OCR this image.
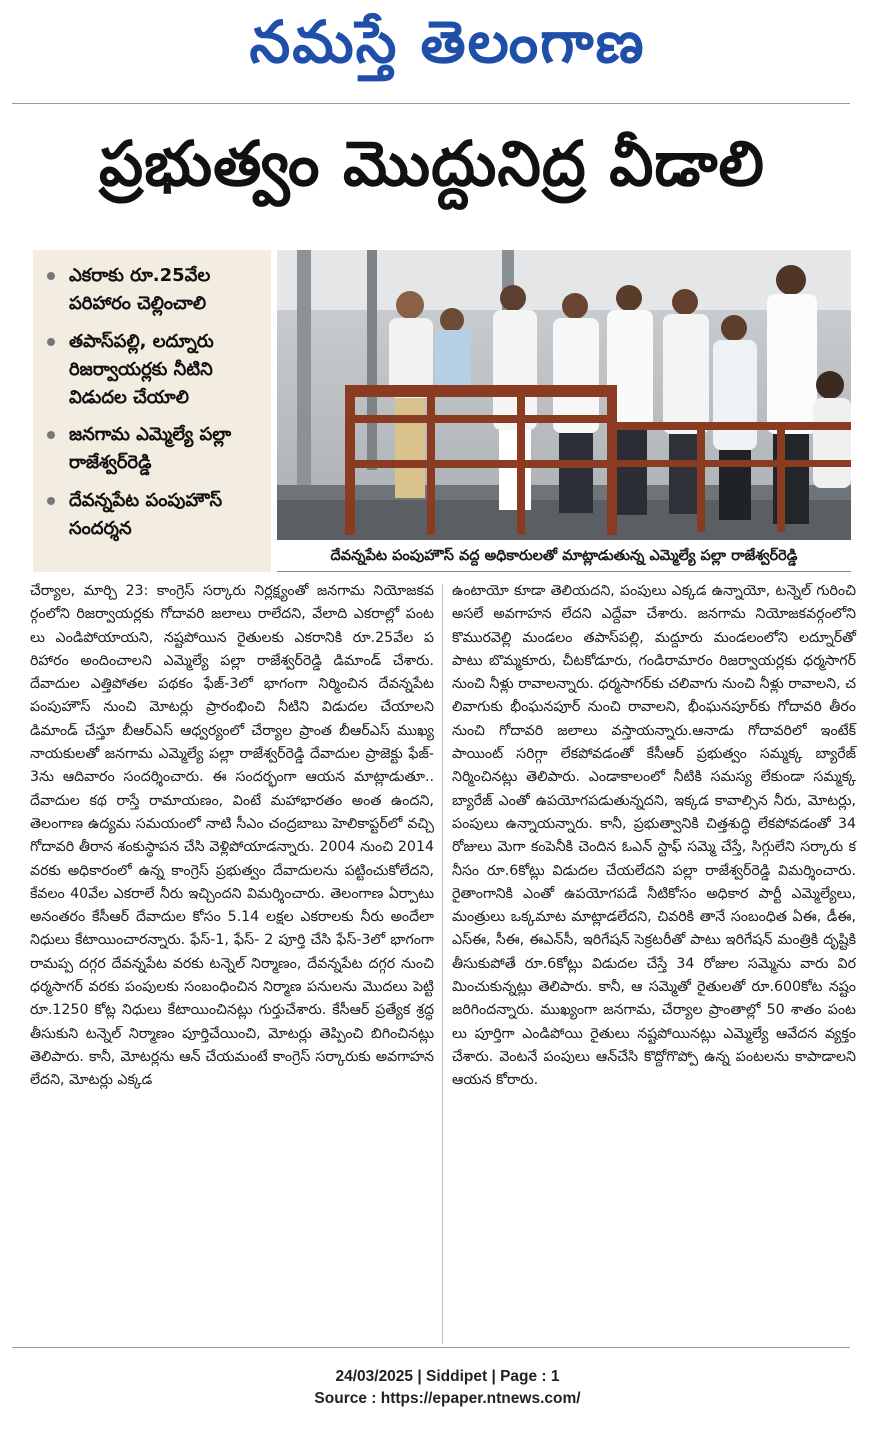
నమస్తే తెలంగాణ
ప్రభుత్వం మొద్దునిద్ర వీడాలి
ఎకరాకు రూ.25వేల పరిహారం చెల్లించాలి
తపాస్‌పల్లి, లద్నూరు రిజర్వాయర్లకు నీటిని విడుదల చేయాలి
జనగామ ఎమ్మెల్యే పల్లా రాజేశ్వర్‌రెడ్డి
దేవన్నపేట పంపుహౌస్ సందర్శన
దేవన్నపేట పంపుహౌస్ వద్ద అధికారులతో మాట్లాడుతున్న ఎమ్మెల్యే పల్లా రాజేశ్వర్‌రెడ్డి

చేర్యాల, మార్చి 23: కాంగ్రెస్ సర్కారు నిర్లక్ష్యంతో జనగామ నియోజకవర్గంలోని రిజర్వాయర్లకు గోదావరి జలాలు రాలేదని, వేలాది ఎకరాల్లో పంటలు ఎండిపోయాయని, నష్టపోయిన రైతులకు ఎకరానికి రూ.25వేల పరిహారం అందించాలని ఎమ్మెల్యే పల్లా రాజేశ్వర్‌రెడ్డి డిమాండ్ చేశారు. దేవాదుల ఎత్తిపోతల పథకం ఫేజ్-3లో భాగంగా నిర్మించిన దేవన్నపేట పంపుహౌస్ నుంచి మోటర్లు ప్రారంభించి నీటిని విడుదల చేయాలని డిమాండ్ చేస్తూ బీఆర్‌ఎస్ ఆధ్వర్యంలో చేర్యాల ప్రాంత బీఆర్‌ఎస్ ముఖ్య నాయకులతో జనగామ ఎమ్మెల్యే పల్లా రాజేశ్వర్‌రెడ్డి దేవాదుల ప్రాజెక్టు ఫేజ్-3ను ఆదివారం సందర్శించారు. ఈ సందర్భంగా ఆయన మాట్లాడుతూ.. దేవాదుల కథ రాస్తే రామాయణం, వింటే మహాభారతం అంత ఉందని, తెలంగాణ ఉద్యమ సమయంలో నాటి సీఎం చంద్రబాబు హెలికాప్టర్‌లో వచ్చి గోదావరి తీరాన శంకుస్థాపన చేసి వెళ్లిపోయాడన్నారు. 2004 నుంచి 2014 వరకు అధికారంలో ఉన్న కాంగ్రెస్ ప్రభుత్వం దేవాదులను పట్టించుకోలేదని, కేవలం 40వేల ఎకరాలే నీరు ఇచ్చిందని విమర్శించారు. తెలంగాణ ఏర్పాటు అనంతరం కేసీఆర్ దేవాదుల కోసం 5.14 లక్షల ఎకరాలకు నీరు అందేలా నిధులు కేటాయించారన్నారు. ఫేస్-1, ఫేస్- 2 పూర్తి చేసి ఫేస్-3లో భాగంగా రామప్ప దగ్గర దేవన్నపేట వరకు టన్నెల్ నిర్మాణం, దేవన్నపేట దగ్గర నుంచి ధర్మసాగర్ వరకు పంపులకు సంబంధించిన నిర్మాణ పనులను మొదలు పెట్టి రూ.1250 కోట్ల నిధులు కేటాయించినట్లు గుర్తుచేశారు. కేసీఆర్ ప్రత్యేక శ్రద్ధ తీసుకుని టన్నెల్ నిర్మాణం పూర్తిచేయించి, మోటర్లు తెప్పించి బిగించినట్లు తెలిపారు. కానీ, మోటర్లను ఆన్ చేయమంటే కాంగ్రెస్ సర్కారుకు అవగాహన లేదని, మోటర్లు ఎక్కడ

ఉంటాయో కూడా తెలియదని, పంపులు ఎక్కడ ఉన్నాయో, టన్నెల్ గురించి అసలే అవగాహన లేదని ఎద్దేవా చేశారు. జనగామ నియోజకవర్గంలోని కొమురవెల్లి మండలం తపాస్‌పల్లి, మద్దూరు మండలంలోని లద్నూర్‌తో పాటు బొమ్మకూరు, చీటకోడూరు, గండిరామారం రిజర్వాయర్లకు ధర్మసాగర్ నుంచి నీళ్లు రావాలన్నారు. ధర్మసాగర్‌కు చలివాగు నుంచి నీళ్లు రావాలని, చలివాగుకు భీంఘనపూర్ నుంచి రావాలని, భీంఘనపూర్‌కు గోదావరి తీరం నుంచి గోదావరి జలాలు వస్తాయన్నారు.ఆనాడు గోదావరిలో ఇంటేక్ పాయింట్ సరిగ్గా లేకపోవడంతో కేసీఆర్ ప్రభుత్వం సమ్మక్క బ్యారేజ్ నిర్మించినట్లు తెలిపారు. ఎండాకాలంలో నీటికి సమస్య లేకుండా సమ్మక్క బ్యారేజ్ ఎంతో ఉపయోగపడుతున్నదని, ఇక్కడ కావాల్సిన నీరు, మోటర్లు, పంపులు ఉన్నాయన్నారు. కానీ, ప్రభుత్వానికి చిత్తశుద్ధి లేకపోవడంతో 34 రోజులు మెగా కంపెనీకి చెందిన ఓఎన్ స్టాఫ్ సమ్మె చేస్తే, సిగ్గులేని సర్కారు కనీసం రూ.6కోట్లు విడుదల చేయలేదని పల్లా రాజేశ్వర్‌రెడ్డి విమర్శించారు. రైతాంగానికి ఎంతో ఉపయోగపడే నీటికోసం అధికార పార్టీ ఎమ్మెల్యేలు, మంత్రులు ఒక్కమాట మాట్లాడలేదని, చివరికి తానే సంబంధిత ఏఈ, డీఈ, ఎస్‌ఈ, సీఈ, ఈఎన్‌సీ, ఇరిగేషన్ సెక్రటరీతో పాటు ఇరిగేషన్ మంత్రికి దృష్టికి తీసుకుపోతే రూ.6కోట్లు విడుదల చేస్తే 34 రోజుల సమ్మెను వారు విరమించుకున్నట్లు తెలిపారు. కానీ, ఆ సమ్మెతో రైతులతో రూ.600కోట నష్టం జరిగిందన్నారు. ముఖ్యంగా జనగామ, చేర్యాల ప్రాంతాల్లో 50 శాతం పంటలు పూర్తిగా ఎండిపోయి రైతులు నష్టపోయినట్లు ఎమ్మెల్యే ఆవేదన వ్యక్తం చేశారు. వెంటనే పంపులు ఆన్‌చేసి కొద్దోగొప్పో ఉన్న పంటలను కాపాడాలని ఆయన కోరారు.

24/03/2025 | Siddipet | Page : 1
Source : https://epaper.ntnews.com/
